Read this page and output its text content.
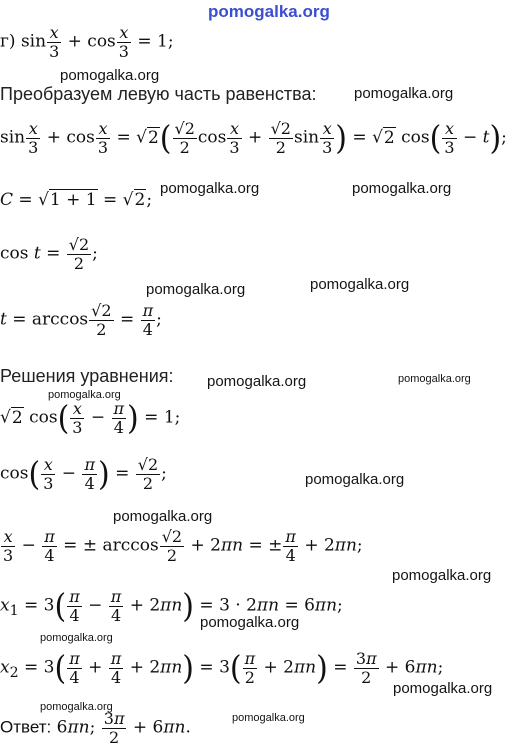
pomogalka.org
г) $\sin \frac{x}{3} + \cos \frac{x}{3} = 1$;
pomogalka.org
Преобразуем левую часть равенства:	pomogalka.org
$\sin \frac{x}{3} + \cos \frac{x}{3} = √2( \frac{√2}{2}$ $\cos \frac{x}{3} + \frac{√2}{2}$ $\sin \frac{x}{3}$ ) = √2 $\cos( \frac{x}{3} - t)$;
pomogalka.org	pomogalka.org
C = √1 + 1 = √2;
$\cos t = \frac{√2}{2}$ ;
pomogalka.org
pomogalka.org
$t = \arccos \frac{√2}{2} = \frac{\pi}{4}$ ;
Решения уравнения: pomogalka.org	pomogalka.org
pomogalka.org
√2 $\cos( \frac{x}{3} - \frac{\pi}{4}$ ) = 1;
$\cos( \frac{x}{3} - \frac{\pi}{4}$ ) = $\frac{√2}{2}$ ;	pomogalka.org
pomogalka.org
$\frac{x}{3} - \frac{\pi}{4}$ = ± $\arccos \frac{√2}{2} + 2\pi n$ = ± $\frac{\pi}{4} + 2\pi n$;
pomogalka.org
$x_1 = 3( \frac{\pi}{4} - \frac{\pi}{4} + 2\pi n) = 3 \cdot 2\pi n = 6\pi n$;
pomogalka.org
pomogalka.org
$x_2 = 3( \frac{\pi}{4} + \frac{\pi}{4} + 2\pi n) = 3( \frac{\pi}{2} + 2\pi n) = \frac{3\pi}{2} + 6\pi n$;
pomogalka.org
pomogalka.org
pomogalka.org
Ответ: 6πn; $\frac{3\pi}{2} + 6\pi n$.
